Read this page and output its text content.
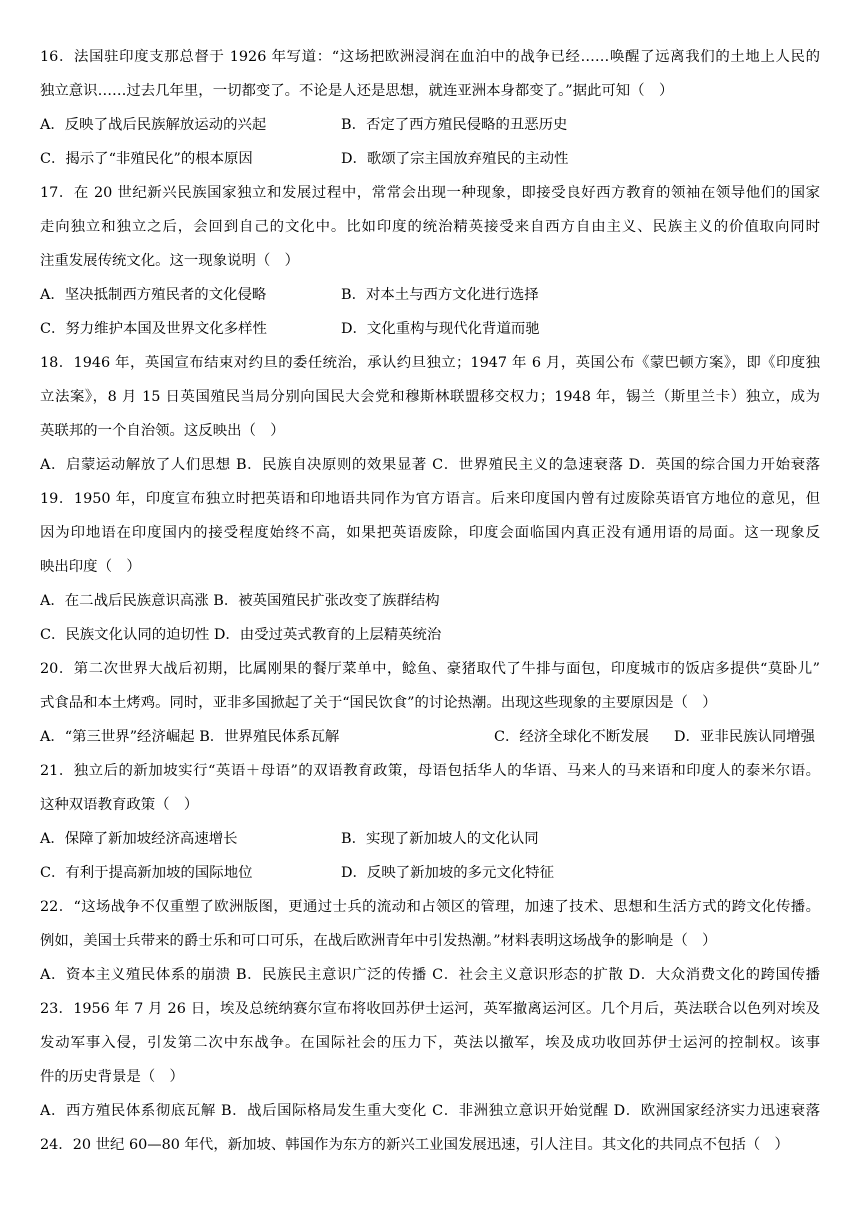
16．法国驻印度支那总督于 1926 年写道：“这场把欧洲浸润在血泊中的战争已经……唤醒了远离我们的土地上人民的
独立意识……过去几年里，一切都变了。不论是人还是思想，就连亚洲本身都变了。”据此可知（　）
A．反映了战后民族解放运动的兴起	B．否定了西方殖民侵略的丑恶历史
C．揭示了“非殖民化”的根本原因	D．歌颂了宗主国放弃殖民的主动性
17．在 20 世纪新兴民族国家独立和发展过程中，常常会出现一种现象，即接受良好西方教育的领袖在领导他们的国家
走向独立和独立之后，会回到自己的文化中。比如印度的统治精英接受来自西方自由主义、民族主义的价值取向同时
注重发展传统文化。这一现象说明（　）
A．坚决抵制西方殖民者的文化侵略	B．对本土与西方文化进行选择
C．努力维护本国及世界文化多样性	D．文化重构与现代化背道而驰
18．1946 年，英国宣布结束对约旦的委任统治，承认约旦独立；1947 年 6 月，英国公布《蒙巴顿方案》，即《印度独
立法案》，8 月 15 日英国殖民当局分别向国民大会党和穆斯林联盟移交权力；1948 年，锡兰（斯里兰卡）独立，成为
英联邦的一个自治领。这反映出（　）
A．启蒙运动解放了人们思想 B．民族自决原则的效果显著 C．世界殖民主义的急速衰落 D．英国的综合国力开始衰落
19．1950 年，印度宣布独立时把英语和印地语共同作为官方语言。后来印度国内曾有过废除英语官方地位的意见，但
因为印地语在印度国内的接受程度始终不高，如果把英语废除，印度会面临国内真正没有通用语的局面。这一现象反
映出印度（　）
A．在二战后民族意识高涨 B．被英国殖民扩张改变了族群结构
C．民族文化认同的迫切性 D．由受过英式教育的上层精英统治
20．第二次世界大战后初期，比属刚果的餐厅菜单中，鲶鱼、豪猪取代了牛排与面包，印度城市的饭店多提供“莫卧儿”
式食品和本土烤鸡。同时，亚非多国掀起了关于“国民饮食”的讨论热潮。出现这些现象的主要原因是（　）
A．“第三世界”经济崛起 B．世界殖民体系瓦解	C．经济全球化不断发展 D．亚非民族认同增强
21．独立后的新加坡实行“英语＋母语”的双语教育政策，母语包括华人的华语、马来人的马来语和印度人的泰米尔语。
这种双语教育政策（　）
A．保障了新加坡经济高速增长	B．实现了新加坡人的文化认同
C．有利于提高新加坡的国际地位	D．反映了新加坡的多元文化特征
22．“这场战争不仅重塑了欧洲版图，更通过士兵的流动和占领区的管理，加速了技术、思想和生活方式的跨文化传播。
例如，美国士兵带来的爵士乐和可口可乐，在战后欧洲青年中引发热潮。”材料表明这场战争的影响是（　）
A．资本主义殖民体系的崩溃 B．民族民主意识广泛的传播 C．社会主义意识形态的扩散 D．大众消费文化的跨国传播
23．1956 年 7 月 26 日，埃及总统纳赛尔宣布将收回苏伊士运河，英军撤离运河区。几个月后，英法联合以色列对埃及
发动军事入侵，引发第二次中东战争。在国际社会的压力下，英法以撤军，埃及成功收回苏伊士运河的控制权。该事
件的历史背景是（　）
A．西方殖民体系彻底瓦解 B．战后国际格局发生重大变化 C．非洲独立意识开始觉醒 D．欧洲国家经济实力迅速衰落
24．20 世纪 60—80 年代，新加坡、韩国作为东方的新兴工业国发展迅速，引人注目。其文化的共同点不包括（　）
